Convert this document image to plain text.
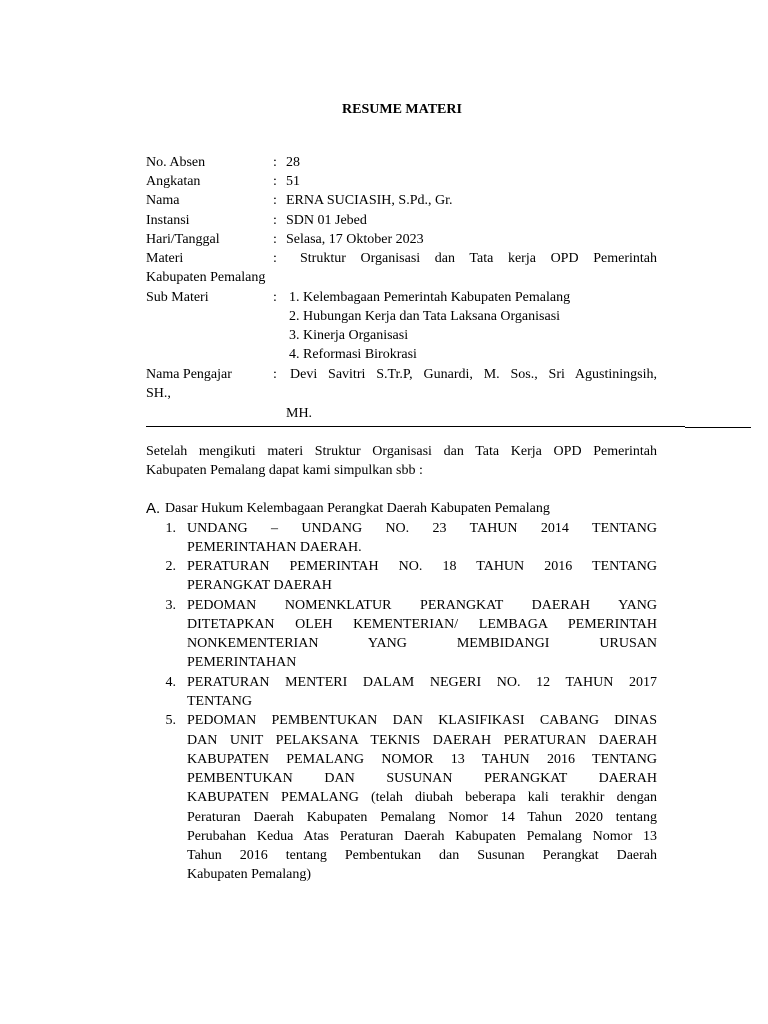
RESUME MATERI
No. Absen	: 28
Angkatan	: 51
Nama	: ERNA SUCIASIH, S.Pd., Gr.
Instansi	: SDN 01 Jebed
Hari/Tanggal	: Selasa, 17 Oktober 2023
Materi	: Struktur Organisasi dan Tata kerja OPD Pemerintah
Kabupaten Pemalang
Sub Materi	: 1. Kelembagaan Pemerintah Kabupaten Pemalang
2. Hubungan Kerja dan Tata Laksana Organisasi
3. Kinerja Organisasi
4. Reformasi Birokrasi
Nama Pengajar	: Devi Savitri S.Tr.P, Gunardi, M. Sos., Sri Agustiningsih,
SH.,
MH.
Setelah mengikuti materi Struktur Organisasi dan Tata Kerja OPD Pemerintah
Kabupaten Pemalang dapat kami simpulkan sbb :
A. Dasar Hukum Kelembagaan Perangkat Daerah Kabupaten Pemalang
1. UNDANG – UNDANG NO. 23 TAHUN 2014 TENTANG
PEMERINTAHAN DAERAH.
2. PERATURAN PEMERINTAH NO. 18 TAHUN 2016 TENTANG
PERANGKAT DAERAH
3. PEDOMAN NOMENKLATUR PERANGKAT DAERAH YANG
DITETAPKAN OLEH KEMENTERIAN/ LEMBAGA PEMERINTAH
NONKEMENTERIAN YANG MEMBIDANGI URUSAN
PEMERINTAHAN
4. PERATURAN MENTERI DALAM NEGERI NO. 12 TAHUN 2017
TENTANG
5. PEDOMAN PEMBENTUKAN DAN KLASIFIKASI CABANG DINAS
DAN UNIT PELAKSANA TEKNIS DAERAH PERATURAN DAERAH
KABUPATEN PEMALANG NOMOR 13 TAHUN 2016 TENTANG
PEMBENTUKAN DAN SUSUNAN PERANGKAT DAERAH
KABUPATEN PEMALANG (telah diubah beberapa kali terakhir dengan
Peraturan Daerah Kabupaten Pemalang Nomor 14 Tahun 2020 tentang
Perubahan Kedua Atas Peraturan Daerah Kabupaten Pemalang Nomor 13
Tahun 2016 tentang Pembentukan dan Susunan Perangkat Daerah
Kabupaten Pemalang)
